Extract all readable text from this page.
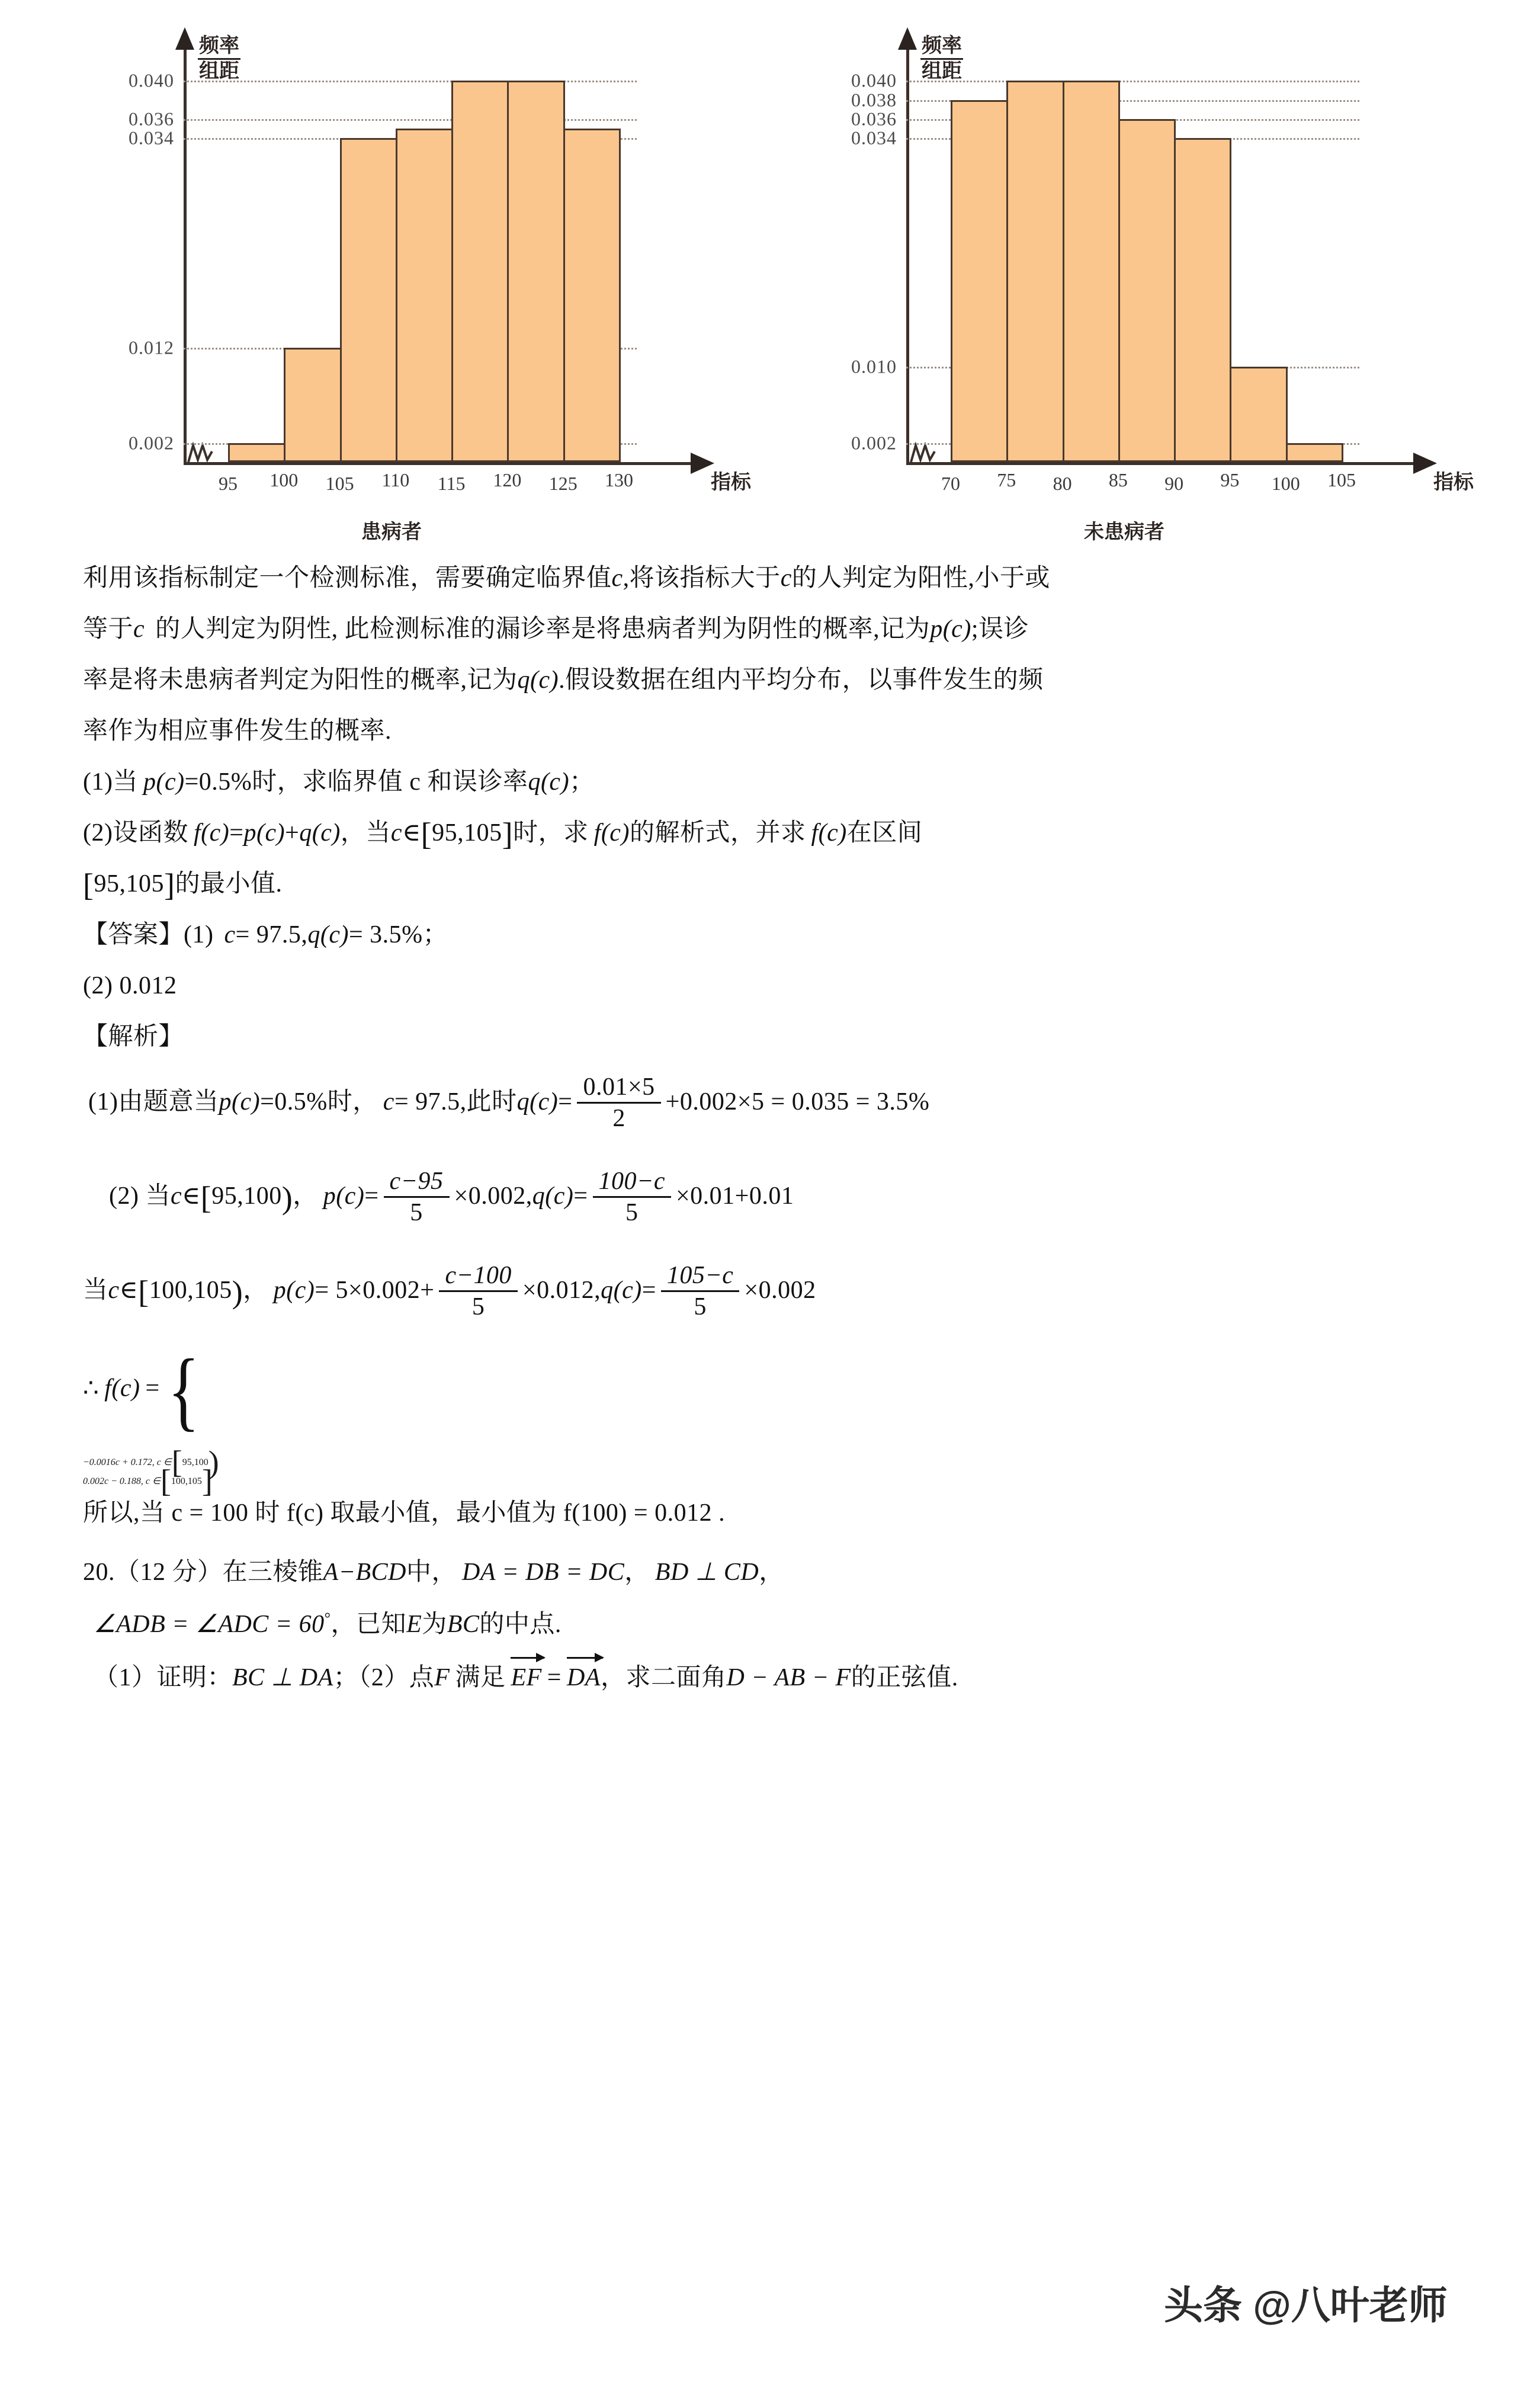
频率
组距
0.040
0.036
0.034
0.012
0.002
95 100 105 110 115 120 125 130	指标
患病者
频率
组距
0.040
0.038
0.036
0.034
0.010
0.002
70 75 80 85 90 95 100 105	指标
未患病者

利用该指标制定一个检测标准，需要确定临界值c,将该指标大于c的人判定为阳性,小于或

等于c 的人判定为阴性, 此检测标准的漏诊率是将患病者判为阴性的概率,记为p(c);误诊

率是将未患病者判定为阳性的概率,记为q(c).假设数据在组内平均分布，以事件发生的频

率作为相应事件发生的概率.

(1)当 p(c)=0.5%时，求临界值 c 和误诊率q(c)；

(2)设函数 f(c)=p(c)+q(c)，当c∈[95,105]时，求 f(c)的解析式，并求 f(c)在区间

[95,105]的最小值.

【答案】(1) c= 97.5,q(c)= 3.5%；

(2) 0.012

【解析】

(1)由题意当p(c)=0.5%时， c= 97.5,此时$q(c)= \frac{0.01\times 5}{2} +0.002\times 5 = 0.035 = 3.5\%$

(2) 当c∈[95,100)， $p(c)= \frac{c-95}{5} \times 0.002,q(c)= \frac{100-c}{5} \times 0.01+0.01$

当c∈[100,105)， $p(c)= 5\times 0.002+ \frac{c-100}{5} \times 0.012,q(c)= \frac{105-c}{5} \times 0.002$

∴ f(c) = {

−0.0016c + 0.172, c ∈[95,100)
0.002c − 0.188, c ∈[100,105]

所以,当 c = 100 时 f(c) 取最小值，最小值为 f(100) = 0.012 .

20.（12 分）在三棱锥A−BCD中， DA = DB = DC， BD ⊥ CD，

∠ADB = ∠ADC = 60°，已知E为BC的中点.

（1）证明：BC ⊥ DA；（2）点F 满足 EF = DA，求二面角D − AB − F的正弦值.

头条 @八叶老师
